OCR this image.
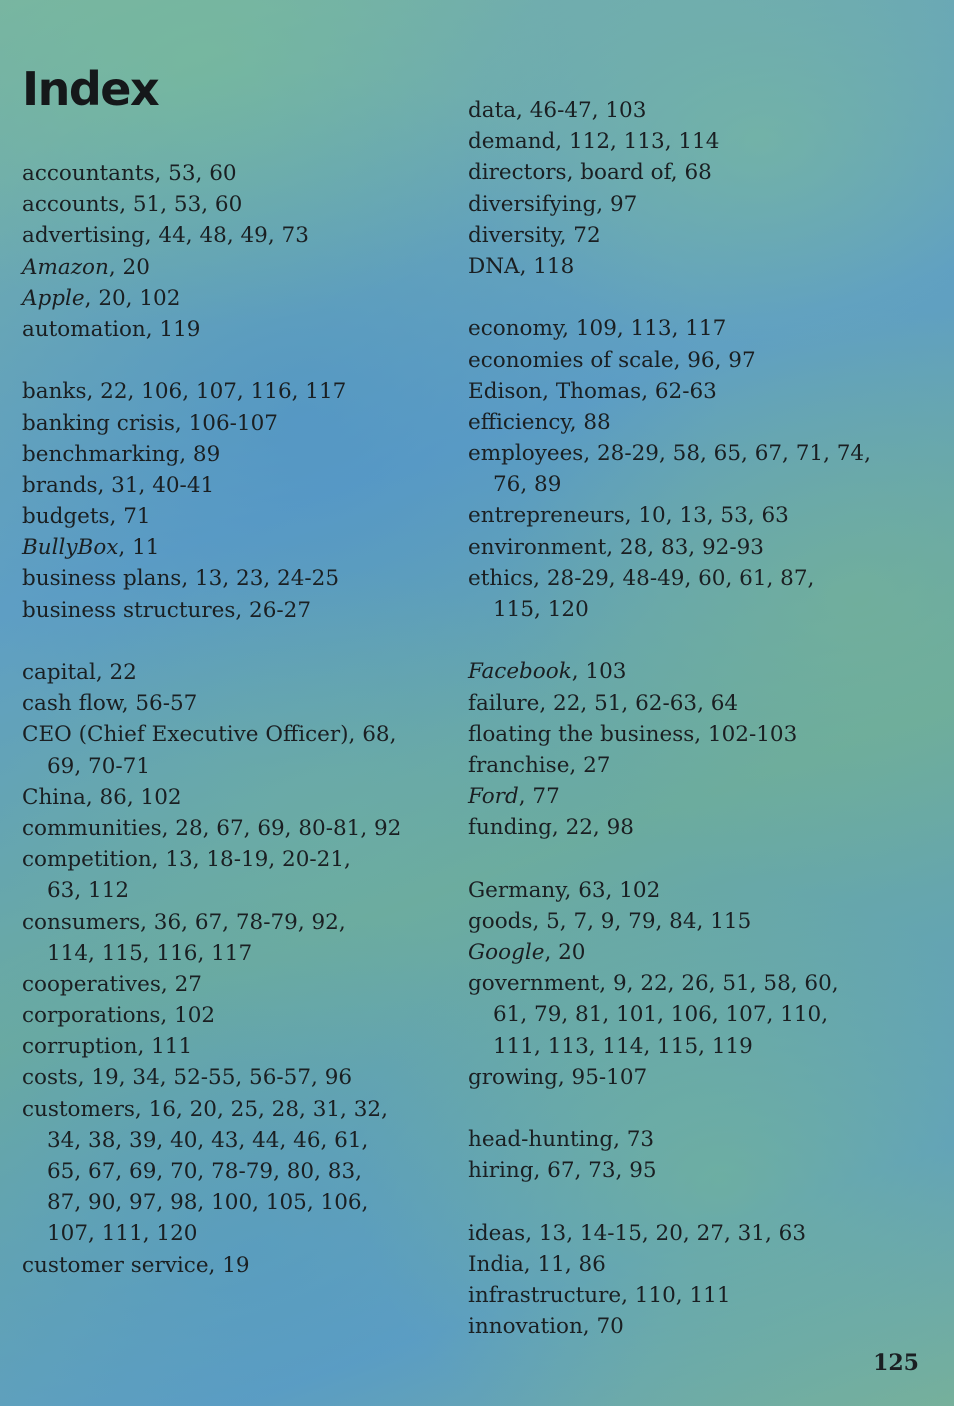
Index
accountants, 53, 60
accounts, 51, 53, 60
advertising, 44, 48, 49, 73
Amazon, 20
Apple, 20, 102
automation, 119
banks, 22, 106, 107, 116, 117
banking crisis, 106-107
benchmarking, 89
brands, 31, 40-41
budgets, 71
BullyBox, 11
business plans, 13, 23, 24-25
business structures, 26-27
capital, 22
cash flow, 56-57
CEO (Chief Executive Officer), 68,
69, 70-71
China, 86, 102
communities, 28, 67, 69, 80-81, 92
competition, 13, 18-19, 20-21,
63, 112
consumers, 36, 67, 78-79, 92,
114, 115, 116, 117
cooperatives, 27
corporations, 102
corruption, 111
costs, 19, 34, 52-55, 56-57, 96
customers, 16, 20, 25, 28, 31, 32,
34, 38, 39, 40, 43, 44, 46, 61,
65, 67, 69, 70, 78-79, 80, 83,
87, 90, 97, 98, 100, 105, 106,
107, 111, 120
customer service, 19
data, 46-47, 103
demand, 112, 113, 114
directors, board of, 68
diversifying, 97
diversity, 72
DNA, 118
economy, 109, 113, 117
economies of scale, 96, 97
Edison, Thomas, 62-63
efficiency, 88
employees, 28-29, 58, 65, 67, 71, 74,
76, 89
entrepreneurs, 10, 13, 53, 63
environment, 28, 83, 92-93
ethics, 28-29, 48-49, 60, 61, 87,
115, 120
Facebook, 103
failure, 22, 51, 62-63, 64
floating the business, 102-103
franchise, 27
Ford, 77
funding, 22, 98
Germany, 63, 102
goods, 5, 7, 9, 79, 84, 115
Google, 20
government, 9, 22, 26, 51, 58, 60,
61, 79, 81, 101, 106, 107, 110,
111, 113, 114, 115, 119
growing, 95-107
head-hunting, 73
hiring, 67, 73, 95
ideas, 13, 14-15, 20, 27, 31, 63
India, 11, 86
infrastructure, 110, 111
innovation, 70
125
